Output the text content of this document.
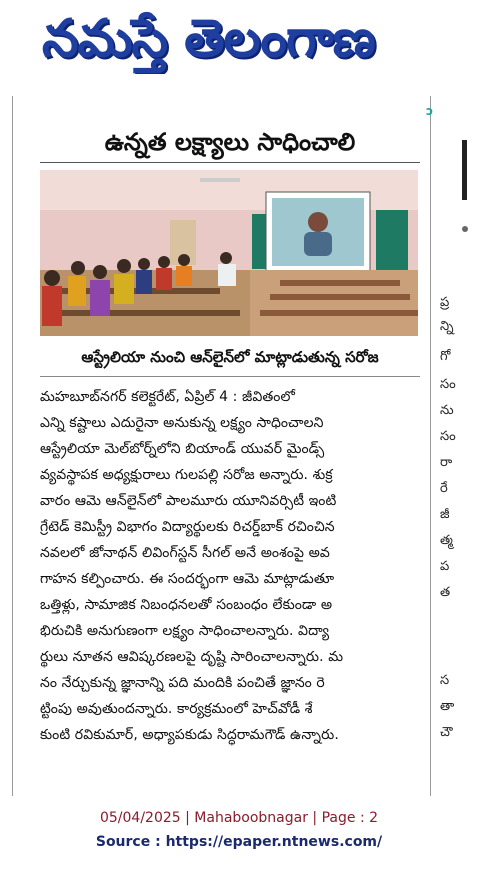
నమస్తే తెలంగాణ
ↄ
ఉన్నత లక్ష్యాలు సాధించాలి
ఆస్ట్రేలియా నుంచి ఆన్‌లైన్‌లో మాట్లాడుతున్న సరోజ
మహబూబ్‌నగర్ కలెక్టరేట్, ఏప్రిల్ 4 : జీవితంలో
ఎన్ని కష్టాలు ఎదురైనా అనుకున్న లక్ష్యం సాధించాలని
ఆస్ట్రేలియా మెల్‌బోర్న్‌లోని బియాండ్ యువర్ మైండ్స్
వ్యవస్థాపక అధ్యక్షురాలు గులపల్లి సరోజ అన్నారు. శుక్ర
వారం ఆమె ఆన్‌లైన్‌లో పాలమూరు యూనివర్సిటీ ఇంటి
గ్రేటెడ్ కెమిస్ట్రీ విభాగం విద్యార్థులకు రిచర్డ్‌బాక్ రచించిన
నవలలో జోనాథన్ లివింగ్‌స్టన్ సీగల్ అనే అంశంపై అవ
గాహన కల్పించారు. ఈ సందర్భంగా ఆమె మాట్లాడుతూ
ఒత్తిళ్లు, సామాజిక నిబంధనలతో సంబంధం లేకుండా అ
భిరుచికి అనుగుణంగా లక్ష్యం సాధించాలన్నారు. విద్యా
ర్థులు నూతన ఆవిష్కరణలపై దృష్టి సారించాలన్నారు. మ
నం నేర్చుకున్న జ్ఞానాన్ని పది మందికి పంచితే జ్ఞానం రె
ట్టింపు అవుతుందన్నారు. కార్యక్రమంలో హెచ్‌వోడీ శే
కుంటి రవికుమార్, అధ్యాపకుడు సిద్ధరామగౌడ్ ఉన్నారు.
ప్ర
న్ని
గో
సం
ను
సం
రా
రే
జీ
త్మ
ప
త
స
తా
చౌ
05/04/2025 | Mahaboobnagar | Page : 2
Source : https://epaper.ntnews.com/
